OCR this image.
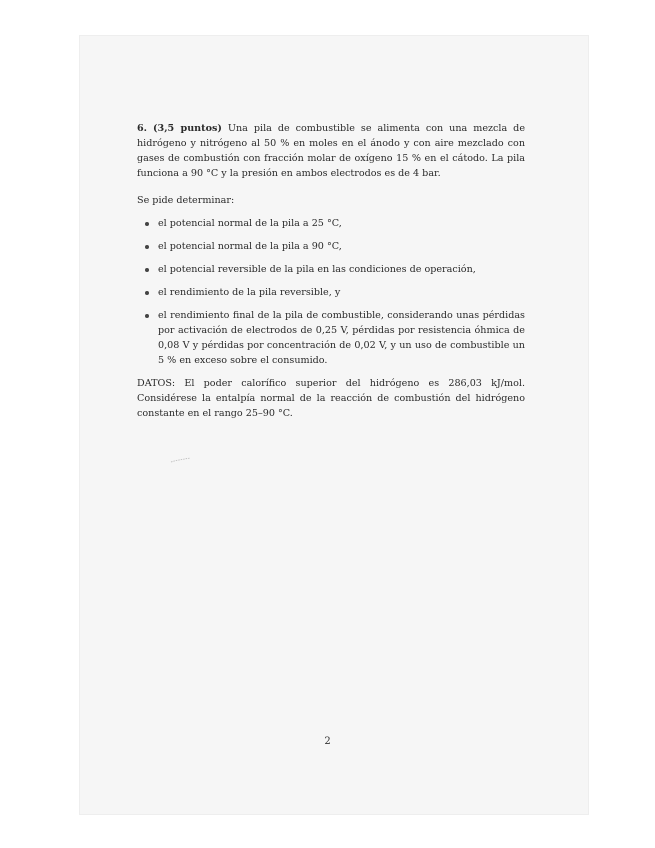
6. (3,5 puntos) Una pila de combustible se alimenta con una mezcla de hidrógeno y nitrógeno al 50 % en moles en el ánodo y con aire mezclado con gases de combustión con fracción molar de oxígeno 15 % en el cátodo. La pila funciona a 90 °C y la presión en ambos electrodos es de 4 bar.

Se pide determinar:

el potencial normal de la pila a 25 °C,
el potencial normal de la pila a 90 °C,
el potencial reversible de la pila en las condiciones de operación,
el rendimiento de la pila reversible, y
el rendimiento final de la pila de combustible, considerando unas pérdidas por activación de electrodos de 0,25 V, pérdidas por resistencia óhmica de 0,08 V y pérdidas por concentración de 0,02 V, y un uso de combustible un 5 % en exceso sobre el consumido.

DATOS: El poder calorífico superior del hidrógeno es 286,03 kJ/mol. Considérese la entalpía normal de la reacción de combustión del hidrógeno constante en el rango 25–90 °C.

2
